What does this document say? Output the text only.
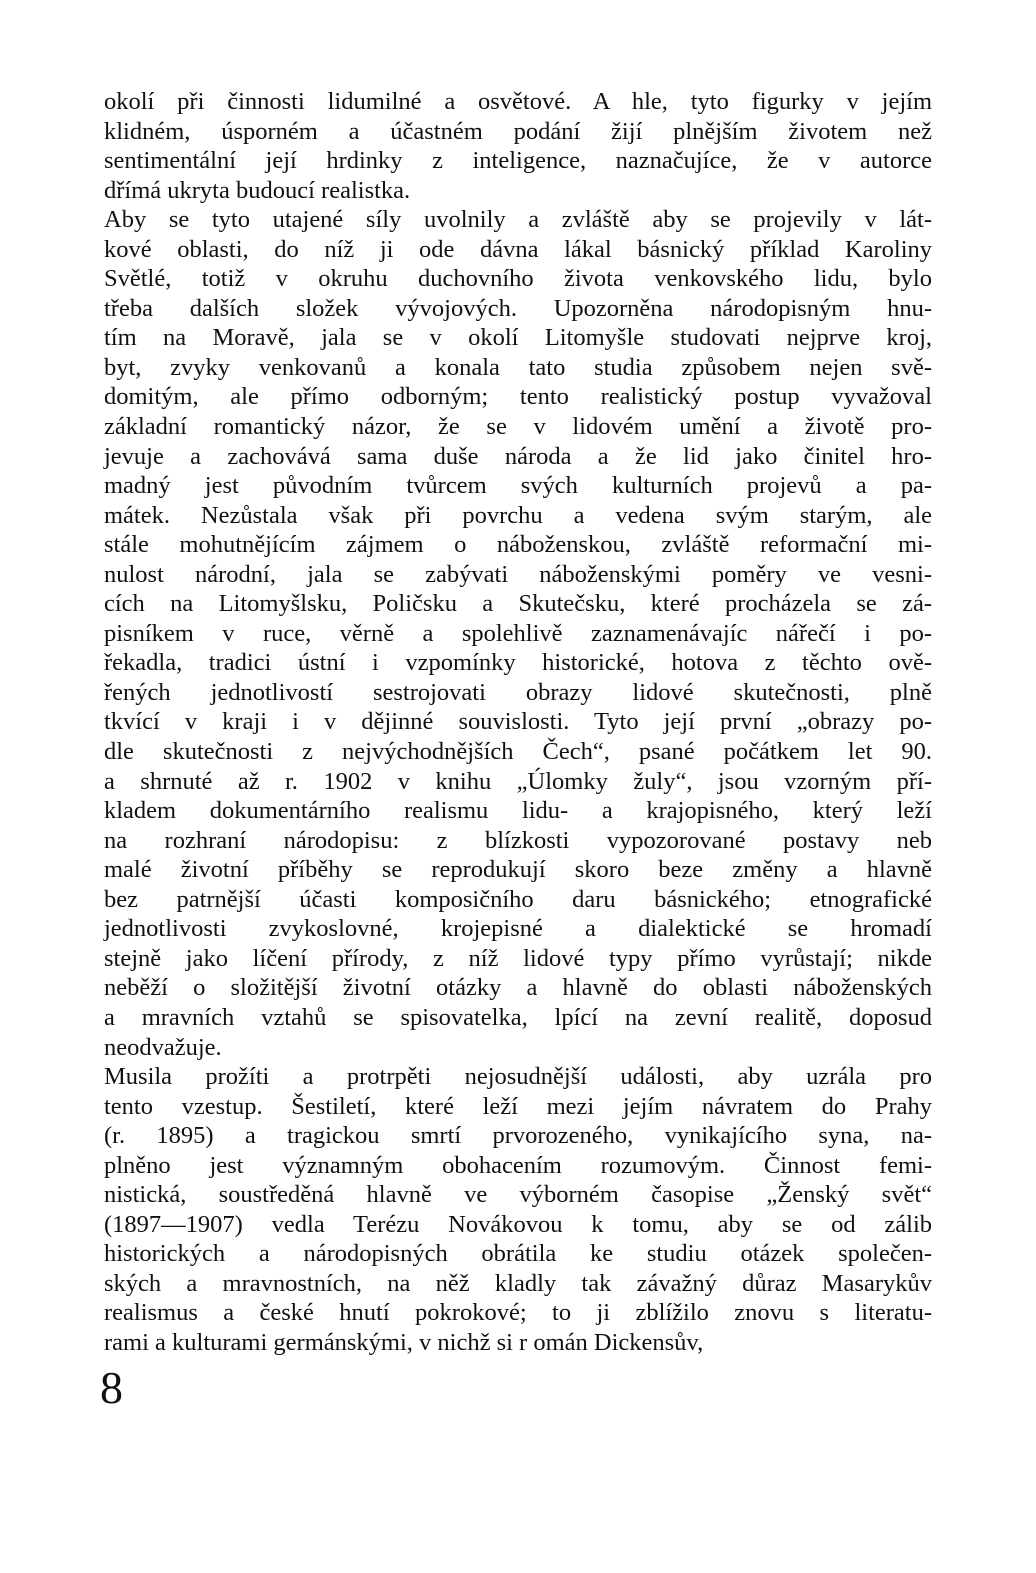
okolí při činnosti lidumilné a osvětové. A hle, tyto figurky v jejím
klidném, úsporném a účastném podání žijí plnějším životem než
sentimentální její hrdinky z inteligence, naznačujíce, že v autorce
dřímá ukryta budoucí realistka.
Aby se tyto utajené síly uvolnily a zvláště aby se projevily v lát-
kové oblasti, do níž ji ode dávna lákal básnický příklad Karoliny
Světlé, totiž v okruhu duchovního života venkovského lidu, bylo
třeba dalších složek vývojových. Upozorněna národopisným hnu-
tím na Moravě, jala se v okolí Litomyšle studovati nejprve kroj,
byt, zvyky venkovanů a konala tato studia způsobem nejen svě-
domitým, ale přímo odborným; tento realistický postup vyvažoval
základní romantický názor, že se v lidovém umění a životě pro-
jevuje a zachovává sama duše národa a že lid jako činitel hro-
madný jest původním tvůrcem svých kulturních projevů a pa-
mátek. Nezůstala však při povrchu a vedena svým starým, ale
stále mohutnějícím zájmem o náboženskou, zvláště reformační mi-
nulost národní, jala se zabývati náboženskými poměry ve vesni-
cích na Litomyšlsku, Poličsku a Skutečsku, které procházela se zá-
pisníkem v ruce, věrně a spolehlivě zaznamenávajíc nářečí i po-
řekadla, tradici ústní i vzpomínky historické, hotova z těchto ově-
řených jednotlivostí sestrojovati obrazy lidové skutečnosti, plně
tkvící v kraji i v dějinné souvislosti. Tyto její první „obrazy po-
dle skutečnosti z nejvýchodnějších Čech“, psané počátkem let 90.
a shrnuté až r. 1902 v knihu „Úlomky žuly“, jsou vzorným pří-
kladem dokumentárního realismu lidu- a krajopisného, který leží
na rozhraní národopisu: z blízkosti vypozorované postavy neb
malé životní příběhy se reprodukují skoro beze změny a hlavně
bez patrnější účasti komposičního daru básnického; etnografické
jednotlivosti zvykoslovné, krojepisné a dialektické se hromadí
stejně jako líčení přírody, z níž lidové typy přímo vyrůstají; nikde
neběží o složitější životní otázky a hlavně do oblasti náboženských
a mravních vztahů se spisovatelka, lpící na zevní realitě, doposud
neodvažuje.
Musila prožíti a protrpěti nejosudnější události, aby uzrála pro
tento vzestup. Šestiletí, které leží mezi jejím návratem do Prahy
(r. 1895) a tragickou smrtí prvorozeného, vynikajícího syna, na-
plněno jest významným obohacením rozumovým. Činnost femi-
nistická, soustředěná hlavně ve výborném časopise „Ženský svět“
(1897—1907) vedla Terézu Novákovou k tomu, aby se od zálib
historických a národopisných obrátila ke studiu otázek společen-
ských a mravnostních, na něž kladly tak závažný důraz Masarykův
realismus a české hnutí pokrokové; to ji zblížilo znovu s literatu-
rami a kulturami germánskými, v nichž si r omán Dickensův,
8
